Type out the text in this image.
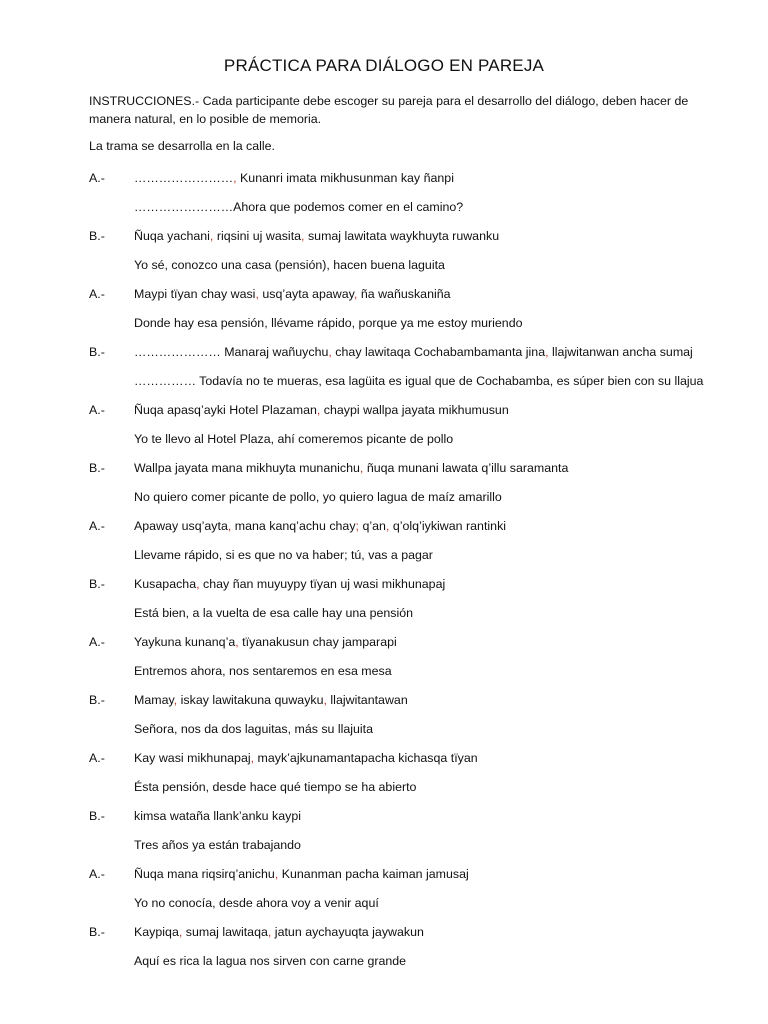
PRÁCTICA PARA DIÁLOGO EN PAREJA
INSTRUCCIONES.- Cada participante debe escoger su pareja para el desarrollo del diálogo, deben hacer de manera natural, en lo posible de memoria.
La trama se desarrolla en la calle.
A.- ……………………, Kunanri imata mikhusunman kay ñanpi
……………………Ahora que podemos comer en el camino?
B.- Ñuqa yachani, riqsini uj wasita, sumaj lawitata waykhuyta ruwanku
Yo sé, conozco una casa (pensión), hacen buena laguita
A.- Maypi tïyan chay wasi, usq’ayta apaway, ña wañuskaniña
Donde hay esa pensión, llévame rápido, porque ya me estoy muriendo
B.- ………………… Manaraj wañuychu, chay lawitaqa Cochabambamanta jina, llajwitanwan ancha sumaj
…………… Todavía no te mueras, esa lagüita es igual que de Cochabamba, es súper bien con su llajua
A.- Ñuqa apasq’ayki Hotel Plazaman, chaypi wallpa jayata mikhumusun
Yo te llevo al Hotel Plaza, ahí comeremos picante de pollo
B.- Wallpa jayata mana mikhuyta munanichu, ñuqa munani lawata q’illu saramanta
No quiero comer picante de pollo, yo quiero lagua de maíz amarillo
A.- Apaway usq’ayta, mana kanq’achu chay; q’an, q’olq’iykiwan rantinki
Llevame rápido, si es que no va haber; tú, vas a pagar
B.- Kusapacha, chay ñan muyuypy tïyan uj wasi mikhunapaj
Está bien, a la vuelta de esa calle hay una pensión
A.- Yaykuna kunanq’a, tïyanakusun chay jamparapi
Entremos ahora, nos sentaremos en esa mesa
B.- Mamay, iskay lawitakuna quwayku, llajwitantawan
Señora, nos da dos laguitas, más su llajuita
A.- Kay wasi mikhunapaj, mayk’ajkunamantapacha kichasqa tïyan
Ésta pensión, desde hace qué tiempo se ha abierto
B.- kimsa wataña llank’anku kaypi
Tres años ya están trabajando
A.- Ñuqa mana riqsirq’anichu, Kunanman pacha kaiman jamusaj
Yo no conocía, desde ahora voy a venir aquí
B.- Kaypiqa, sumaj lawitaqa, jatun aychayuqta jaywakun
Aquí es rica la lagua nos sirven con carne grande
